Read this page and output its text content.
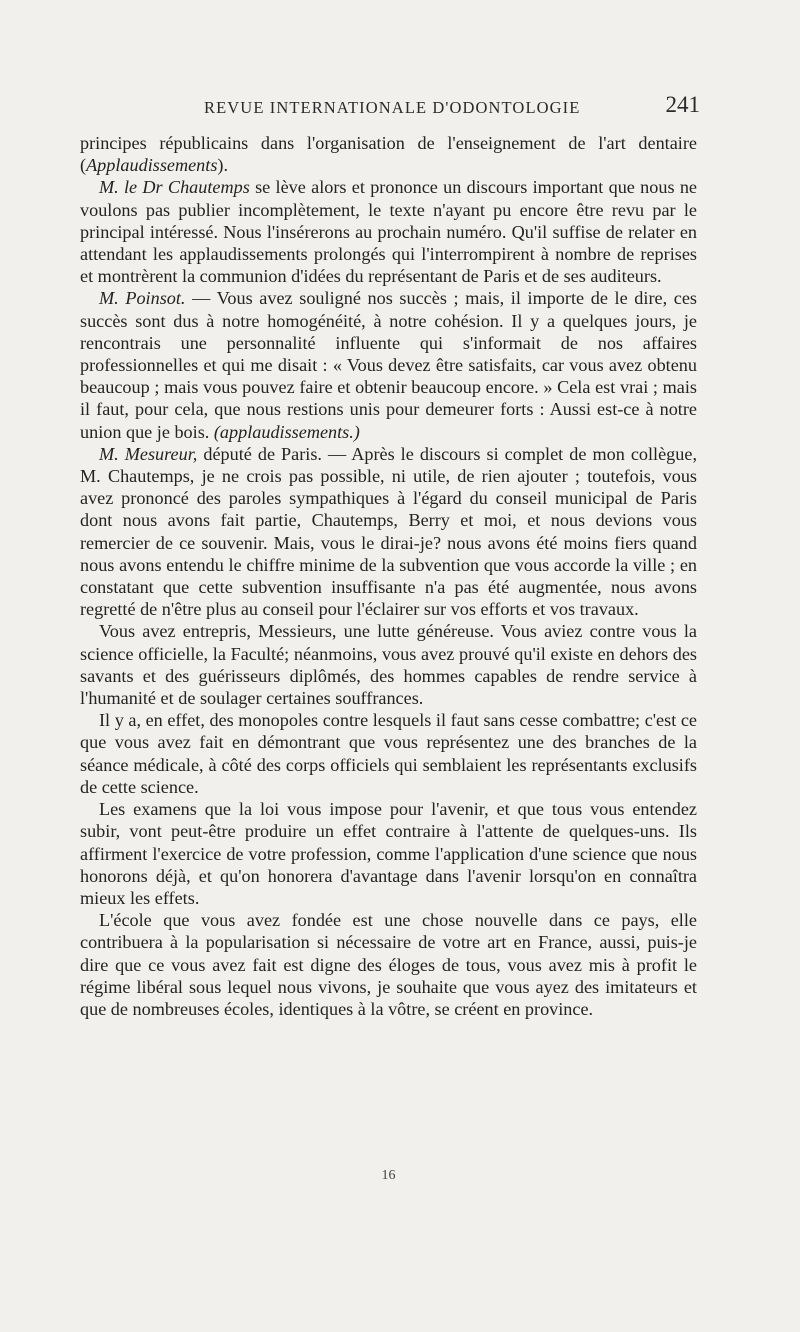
REVUE INTERNATIONALE D'ODONTOLOGIE	241

principes républicains dans l'organisation de l'enseignement de l'art dentaire (Applaudissements).

M. le Dr Chautemps se lève alors et prononce un discours important que nous ne voulons pas publier incomplètement, le texte n'ayant pu encore être revu par le principal intéressé. Nous l'insérerons au prochain numéro. Qu'il suffise de relater en attendant les applaudissements prolongés qui l'interrompirent à nombre de reprises et montrèrent la communion d'idées du représentant de Paris et de ses auditeurs.

M. Poinsot. — Vous avez souligné nos succès ; mais, il importe de le dire, ces succès sont dus à notre homogénéité, à notre cohésion. Il y a quelques jours, je rencontrais une personnalité influente qui s'informait de nos affaires professionnelles et qui me disait : « Vous devez être satisfaits, car vous avez obtenu beaucoup ; mais vous pouvez faire et obtenir beaucoup encore. » Cela est vrai ; mais il faut, pour cela, que nous restions unis pour demeurer forts : Aussi est-ce à notre union que je bois. (applaudissements.)

M. Mesureur, député de Paris. — Après le discours si complet de mon collègue, M. Chautemps, je ne crois pas possible, ni utile, de rien ajouter ; toutefois, vous avez prononcé des paroles sympathiques à l'égard du conseil municipal de Paris dont nous avons fait partie, Chautemps, Berry et moi, et nous devions vous remercier de ce souvenir. Mais, vous le dirai-je? nous avons été moins fiers quand nous avons entendu le chiffre minime de la subvention que vous accorde la ville ; en constatant que cette subvention insuffisante n'a pas été augmentée, nous avons regretté de n'être plus au conseil pour l'éclairer sur vos efforts et vos travaux.

Vous avez entrepris, Messieurs, une lutte généreuse. Vous aviez contre vous la science officielle, la Faculté; néanmoins, vous avez prouvé qu'il existe en dehors des savants et des guérisseurs diplômés, des hommes capables de rendre service à l'humanité et de soulager certaines souffrances.

Il y a, en effet, des monopoles contre lesquels il faut sans cesse combattre; c'est ce que vous avez fait en démontrant que vous représentez une des branches de la séance médicale, à côté des corps officiels qui semblaient les représentants exclusifs de cette science.

Les examens que la loi vous impose pour l'avenir, et que tous vous entendez subir, vont peut-être produire un effet contraire à l'attente de quelques-uns. Ils affirment l'exercice de votre profession, comme l'application d'une science que nous honorons déjà, et qu'on honorera d'avantage dans l'avenir lorsqu'on en connaîtra mieux les effets.

L'école que vous avez fondée est une chose nouvelle dans ce pays, elle contribuera à la popularisation si nécessaire de votre art en France, aussi, puis-je dire que ce vous avez fait est digne des éloges de tous, vous avez mis à profit le régime libéral sous lequel nous vivons, je souhaite que vous ayez des imitateurs et que de nombreuses écoles, identiques à la vôtre, se créent en province.

16
